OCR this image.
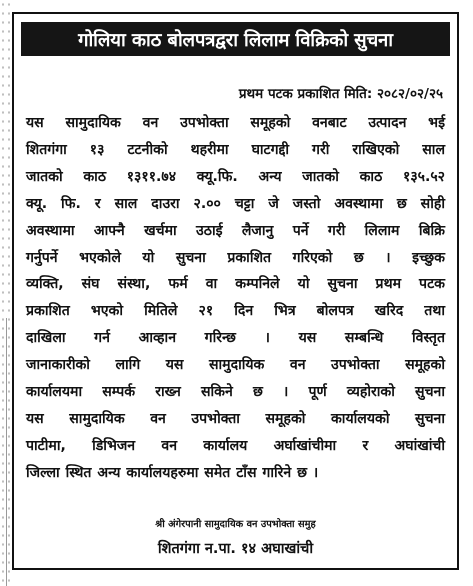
गोलिया काठ बोलपत्रद्वरा लिलाम विक्रिको सुचना
प्रथम पटक प्रकाशित मिति: २०८२/०२/२५

यस सामुदायिक वन उपभोक्ता समूहको वनबाट उत्पादन भई
शितगंगा १३ टटनीको थहरीमा घाटगद्दी गरी राखिएको साल
जातको काठ १३११.७४ क्यू.फि. अन्य जातको काठ १३५.५२
क्यू. फि. र साल दाउरा २.०० चट्टा जे जस्तो अवस्थामा छ सोही
अवस्थामा आफ्नै खर्चमा उठाई लैजानु पर्ने गरी लिलाम बिक्रि
गर्नुपर्ने भएकोले यो सुचना प्रकाशित गरिएको छ । इच्छुक
व्यक्ति, संघ संस्था, फर्म वा कम्पनिले यो सुचना प्रथम पटक
प्रकाशित भएको मितिले २१ दिन भित्र बोलपत्र खरिद तथा
दाखिला गर्न आव्हान गरिन्छ । यस सम्बन्धि विस्तृत
जानाकारीको लागि यस सामुदायिक वन उपभोक्ता समूहको
कार्यालयमा सम्पर्क राख्न सकिने छ । पूर्ण व्यहोराको सुचना
यस सामुदायिक वन उपभोक्ता समूहको कार्यालयको सुचना
पाटीमा, डिभिजन वन कार्यालय अर्घाखांचीमा र अघांखांची
जिल्ला स्थित अन्य कार्यालयहरुमा समेत टाँस गारिने छ ।

श्री अंगेरपानी सामुदायिक वन उपभोक्ता समुह
शितगंगा न.पा. १४ अघाखांची
